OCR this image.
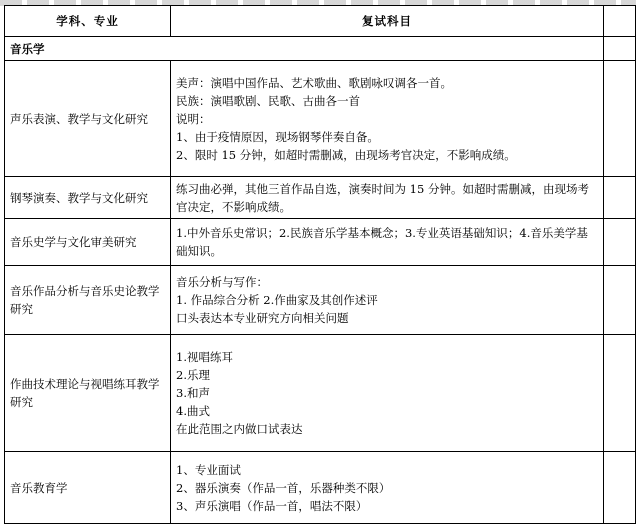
学科、专业	复试科目	
音乐学		
声乐表演、教学与文化研究	美声：演唱中国作品、艺术歌曲、歌剧咏叹调各一首。
民族：演唱歌剧、民歌、古曲各一首
说明：
1、由于疫情原因，现场钢琴伴奏自备。
2、限时 15 分钟，如超时需删减，由现场考官决定，不影响成绩。	

钢琴演奏、教学与文化研究	练习曲必弹，其他三首作品自选，演奏时间为 15 分钟。如超时需删减，由现场考官决定，不影响成绩。	
音乐史学与文化审美研究	1.中外音乐史常识；2.民族音乐学基本概念；3.专业英语基础知识；4.音乐美学基础知识。	
音乐作品分析与音乐史论教学研究	音乐分析与写作：
1. 作品综合分析 2.作曲家及其创作述评
口头表达本专业研究方向相关问题	

作曲技术理论与视唱练耳教学研究	1.视唱练耳
2.乐理
3.和声
4.曲式
在此范围之内做口试表达	

音乐教育学	1、专业面试
2、器乐演奏（作品一首，乐器种类不限）
3、声乐演唱（作品一首，唱法不限）	
